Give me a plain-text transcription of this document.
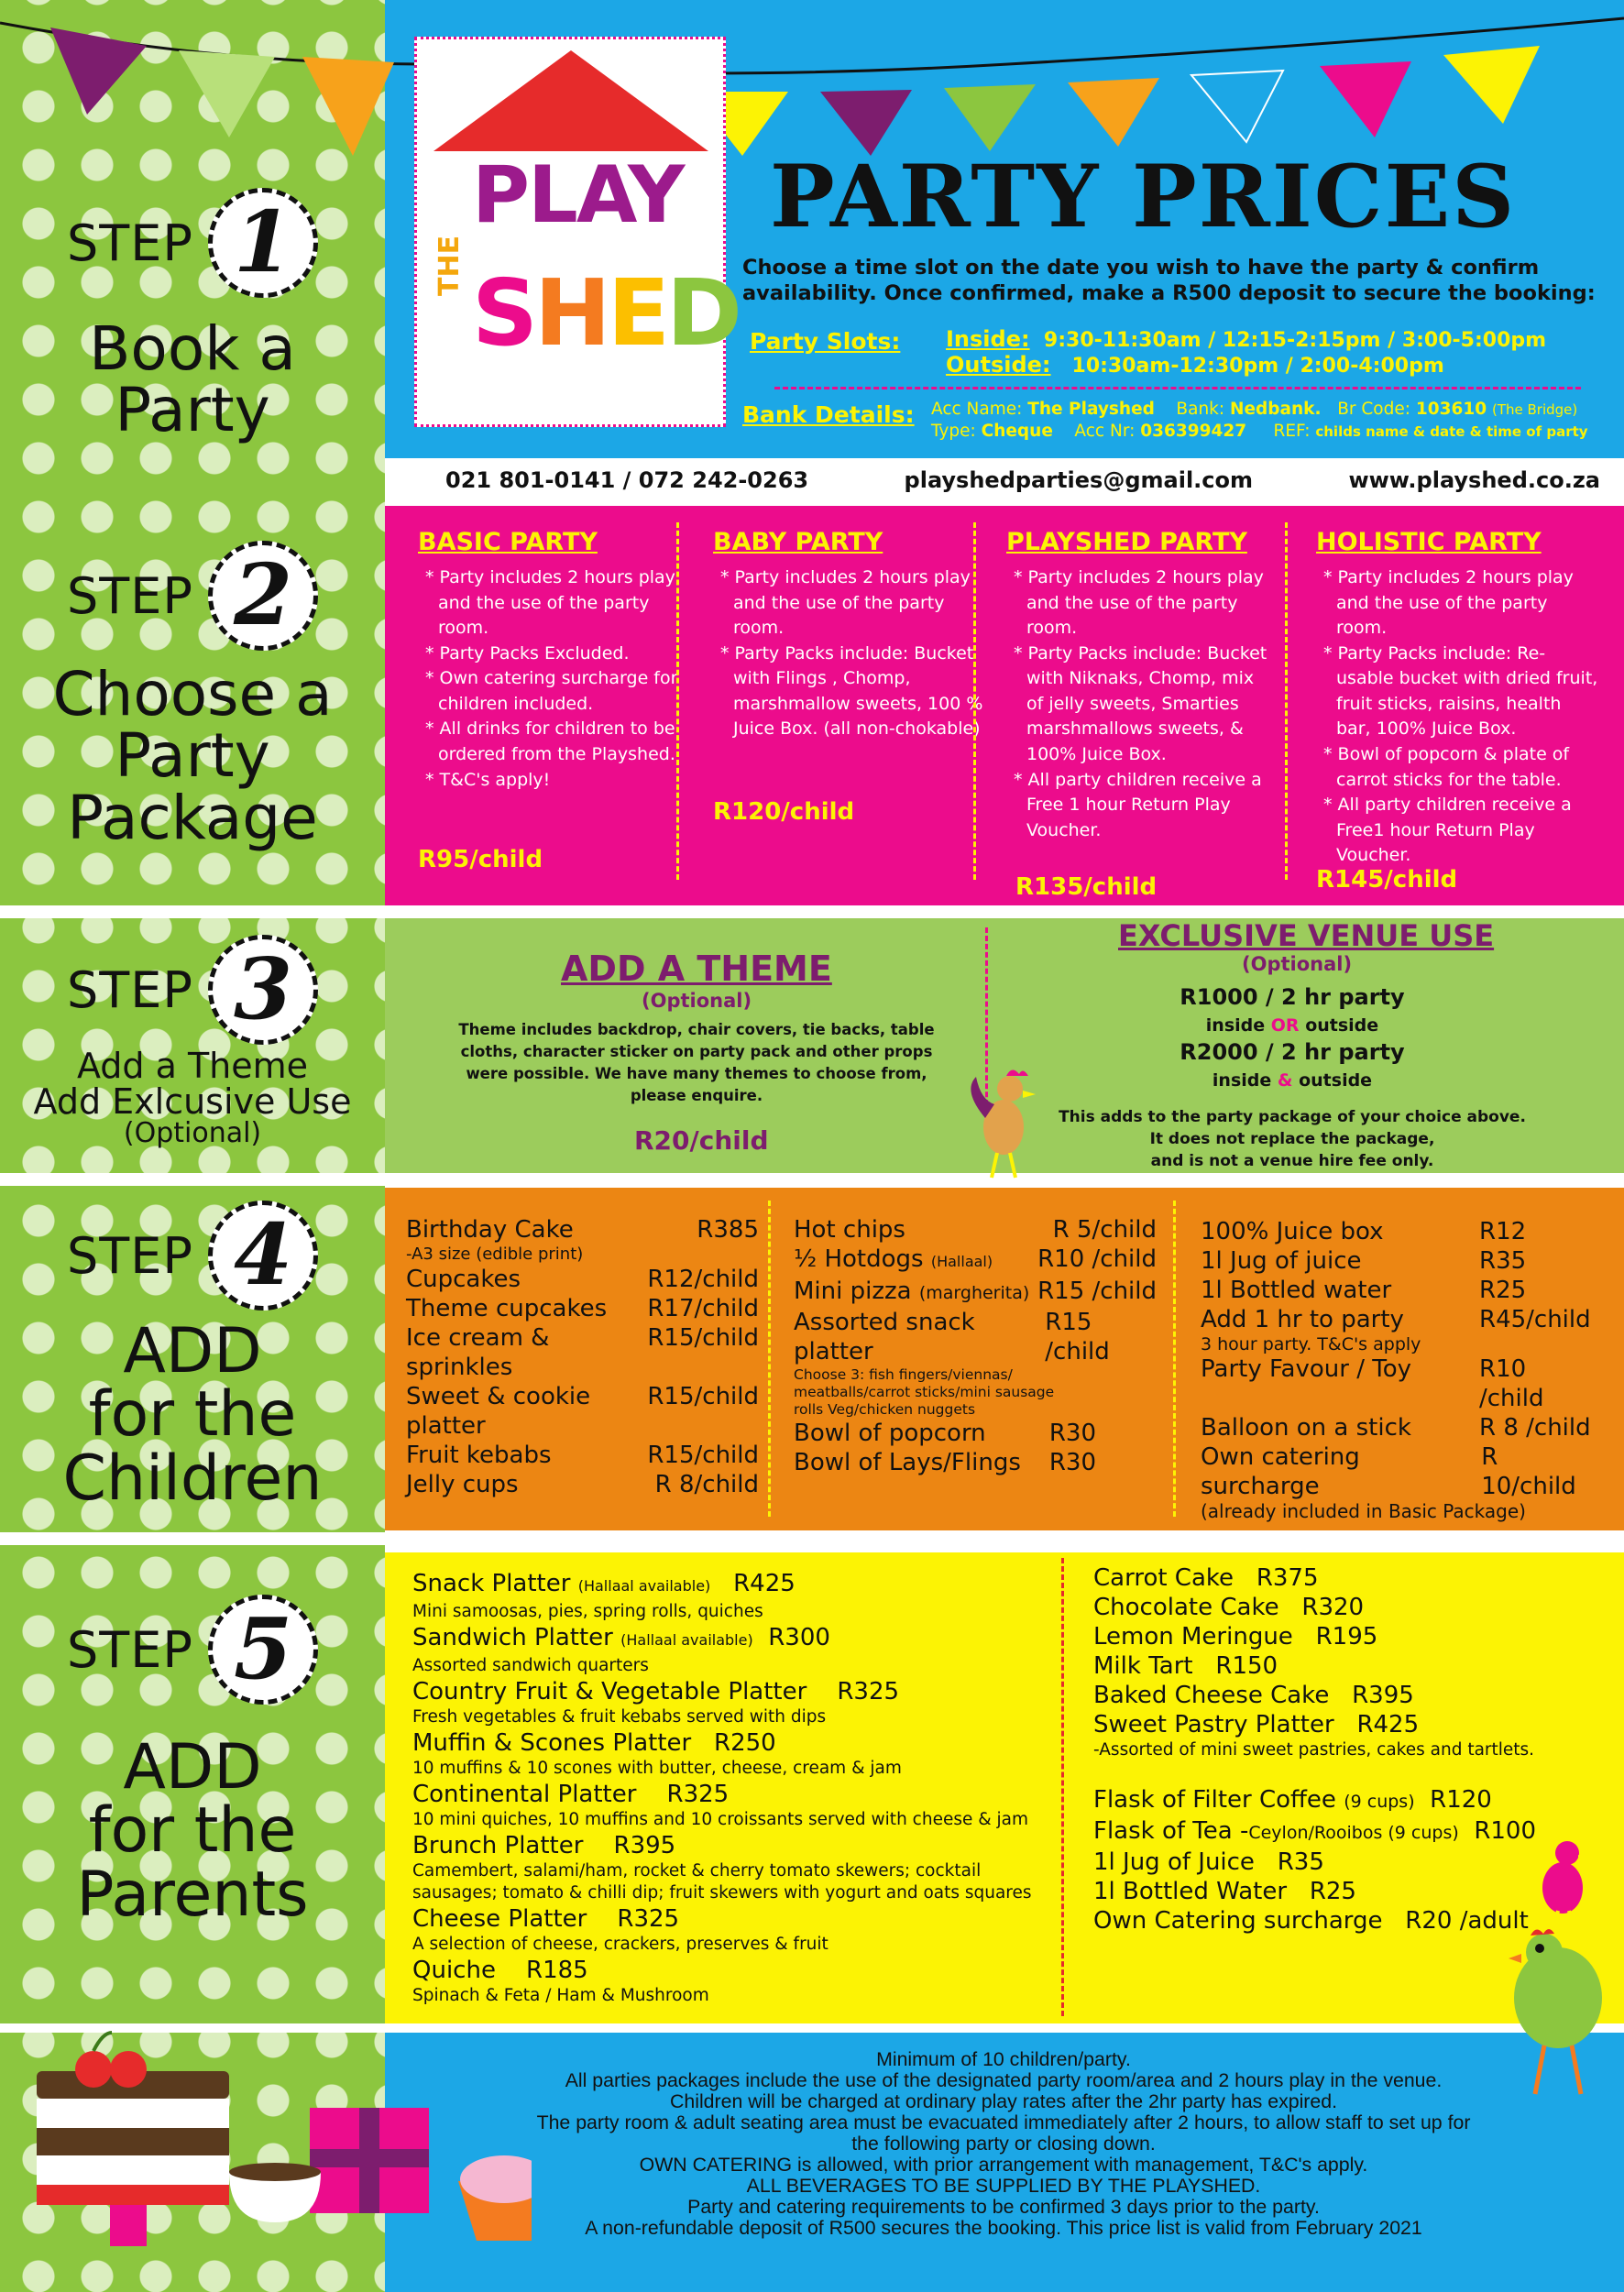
STEP 1
Book a
Party
STEP 2
Choose a
Party
Package
STEP 3
Add a Theme
Add Exlcusive Use
(Optional)
STEP 4
ADD
for the
Children
STEP 5
ADD
for the
Parents
THE
PLAY
SHED
PARTY PRICES
Choose a time slot on the date you wish to have the party & confirm availability. Once confirmed, make a R500 deposit to secure the booking:
Party Slots: Inside: 9:30-11:30am / 12:15-2:15pm / 3:00-5:00pm
Outside: 10:30am-12:30pm / 2:00-4:00pm
Bank Details: Acc Name: The Playshed Bank: Nedbank. Br Code: 103610 (The Bridge)
Type: Cheque Acc Nr: 036399427 REF: childs name & date & time of party
021 801-0141 / 072 242-0263	playshedparties@gmail.com	www.playshed.co.za
BASIC PARTY
* Party includes 2 hours play and the use of the party room.
* Party Packs Excluded.
* Own catering surcharge for children included.
* All drinks for children to be ordered from the Playshed.
* T&C's apply!
R95/child
BABY PARTY
* Party includes 2 hours play and the use of the party room.
* Party Packs include: Bucket with Flings , Chomp, marshmallow sweets, 100 % Juice Box. (all non-chokable)
R120/child
PLAYSHED PARTY
* Party includes 2 hours play and the use of the party room.
* Party Packs include: Bucket with Niknaks, Chomp, mix of jelly sweets, Smarties marshmallows sweets, & 100% Juice Box.
* All party children receive a Free 1 hour Return Play Voucher.
R135/child
HOLISTIC PARTY
* Party includes 2 hours play and the use of the party room.
* Party Packs include: Re-usable bucket with dried fruit, fruit sticks, raisins, health bar, 100% Juice Box.
* Bowl of popcorn & plate of carrot sticks for the table.
* All party children receive a Free1 hour Return Play Voucher.
R145/child
ADD A THEME
(Optional)
Theme includes backdrop, chair covers, tie backs, table cloths, character sticker on party pack and other props were possible. We have many themes to choose from, please enquire.
R20/child
EXCLUSIVE VENUE USE
(Optional)
R1000 / 2 hr party
inside OR outside
R2000 / 2 hr party
inside & outside
This adds to the party package of your choice above.
It does not replace the package,
and is not a venue hire fee only.
Birthday Cake	R385
-A3 size (edible print)
Cupcakes	R12/child
Theme cupcakes R17/child
Ice cream & sprinkles
R15/child
Sweet & cookie platter
R15/child
Fruit kebabs	R15/child
Jelly cups	R 8/child
Hot chips	R 5/child
½ Hotdogs (Hallaal) R10 /child
Mini pizza (margherita) R15 /child
Assorted snack platter
R15 /child
Choose 3: fish fingers/viennas/ meatballs/carrot sticks/mini sausage rolls Veg/chicken nuggets
Bowl of popcorn	R30
Bowl of Lays/Flings R30
100% Juice box	R12
1l Jug of juice	R35
1l Bottled water	R25
Add 1 hr to party	R45/child
3 hour party. T&C's apply
Party Favour / Toy	R10 /child
Balloon on a stick	R 8 /child
Own catering surcharge
R 10/child
(already included in Basic Package)
Snack Platter (Hallaal available) R425
Mini samoosas, pies, spring rolls, quiches
Sandwich Platter (Hallaal available) R300
Assorted sandwich quarters
Country Fruit & Vegetable Platter R325
Fresh vegetables & fruit kebabs served with dips
Muffin & Scones Platter R250
10 muffins & 10 scones with butter, cheese, cream & jam
Continental Platter R325
10 mini quiches, 10 muffins and 10 croissants served with cheese & jam
Brunch Platter R395
Camembert, salami/ham, rocket & cherry tomato skewers; cocktail sausages; tomato & chilli dip; fruit skewers with yogurt and oats squares
Cheese Platter R325
A selection of cheese, crackers, preserves & fruit
Quiche R185
Spinach & Feta / Ham & Mushroom
Carrot Cake R375
Chocolate Cake R320
Lemon Meringue R195
Milk Tart R150
Baked Cheese Cake R395
Sweet Pastry Platter R425
-Assorted of mini sweet pastries, cakes and tartlets.
Flask of Filter Coffee (9 cups) R120
Flask of Tea -Ceylon/Rooibos (9 cups) R100
1l Jug of Juice R35
1l Bottled Water R25
Own Catering surcharge R20 /adult
Minimum of 10 children/party.
All parties packages include the use of the designated party room/area and 2 hours play in the venue.
Children will be charged at ordinary play rates after the 2hr party has expired.
The party room & adult seating area must be evacuated immediately after 2 hours, to allow staff to set up for
the following party or closing down.
OWN CATERING is allowed, with prior arrangement with management, T&C's apply.
ALL BEVERAGES TO BE SUPPLIED BY THE PLAYSHED.
Party and catering requirements to be confirmed 3 days prior to the party.
A non-refundable deposit of R500 secures the booking. This price list is valid from February 2021
